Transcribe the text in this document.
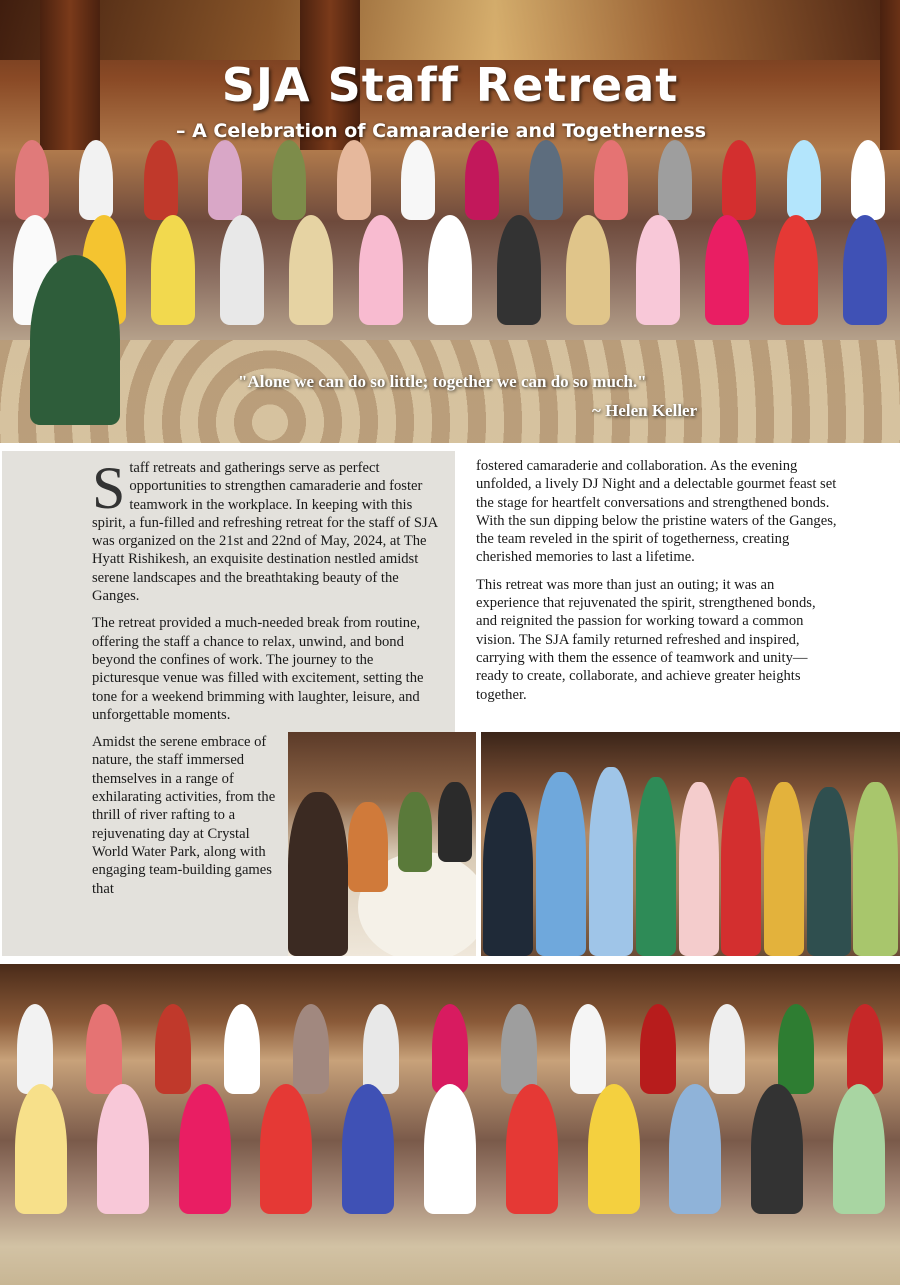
SJA Staff Retreat

– A Celebration of Camaraderie and Togetherness

"Alone we can do so little; together we can do so much."

~ Helen Keller

Staff retreats and gatherings serve as perfect opportunities to strengthen camaraderie and foster teamwork in the workplace. In keeping with this spirit, a fun-filled and refreshing retreat for the staff of SJA was organized on the 21st and 22nd of May, 2024, at The Hyatt Rishikesh, an exquisite destination nestled amidst serene landscapes and the breathtaking beauty of the Ganges.

The retreat provided a much-needed break from routine, offering the staff a chance to relax, unwind, and bond beyond the confines of work. The journey to the picturesque venue was filled with excitement, setting the tone for a weekend brimming with laughter, leisure, and unforgettable moments.

Amidst the serene embrace of nature, the staff immersed themselves in a range of exhilarating activities, from the thrill of river rafting to a rejuvenating day at Crystal World Water Park, along with engaging team-building games that

fostered camaraderie and collaboration. As the evening unfolded, a lively DJ Night and a delectable gourmet feast set the stage for heartfelt conversations and strengthened bonds. With the sun dipping below the pristine waters of the Ganges, the team reveled in the spirit of togetherness, creating cherished memories to last a lifetime.

This retreat was more than just an outing; it was an experience that rejuvenated the spirit, strengthened bonds, and reignited the passion for working toward a common vision. The SJA family returned refreshed and inspired, carrying with them the essence of teamwork and unity—ready to create, collaborate, and achieve greater heights together.
